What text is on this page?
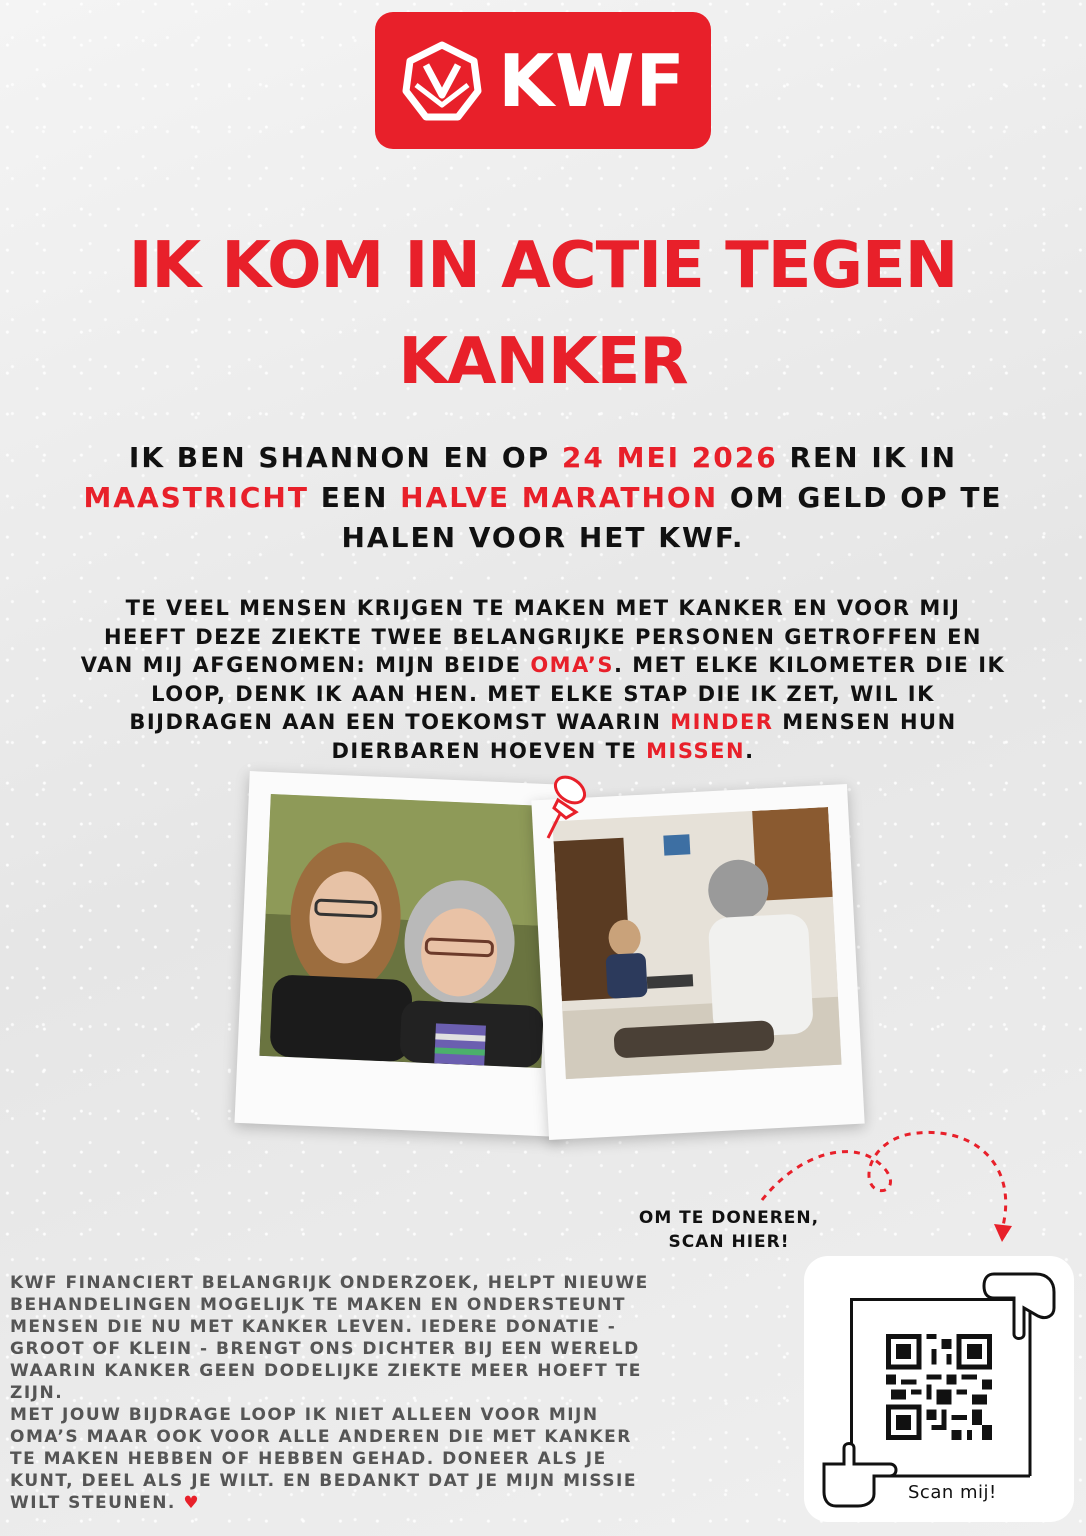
KWF
IK KOM IN ACTIE TEGEN
KANKER
IK BEN SHANNON EN OP 24 MEI 2026 REN IK IN MAASTRICHT EEN HALVE MARATHON OM GELD OP TE HALEN VOOR HET KWF.
TE VEEL MENSEN KRIJGEN TE MAKEN MET KANKER EN VOOR MIJ HEEFT DEZE ZIEKTE TWEE BELANGRIJKE PERSONEN GETROFFEN EN VAN MIJ AFGENOMEN: MIJN BEIDE OMA’S. MET ELKE KILOMETER DIE IK LOOP, DENK IK AAN HEN. MET ELKE STAP DIE IK ZET, WIL IK BIJDRAGEN AAN EEN TOEKOMST WAARIN MINDER MENSEN HUN DIERBAREN HOEVEN TE MISSEN.
OM TE DONEREN,
SCAN HIER!
KWF FINANCIERT BELANGRIJK ONDERZOEK, HELPT NIEUWE BEHANDELINGEN MOGELIJK TE MAKEN EN ONDERSTEUNT MENSEN DIE NU MET KANKER LEVEN. IEDERE DONATIE - GROOT OF KLEIN - BRENGT ONS DICHTER BIJ EEN WERELD WAARIN KANKER GEEN DODELIJKE ZIEKTE MEER HOEFT TE ZIJN.
MET JOUW BIJDRAGE LOOP IK NIET ALLEEN VOOR MIJN OMA’S MAAR OOK VOOR ALLE ANDEREN DIE MET KANKER TE MAKEN HEBBEN OF HEBBEN GEHAD. DONEER ALS JE KUNT, DEEL ALS JE WILT. EN BEDANKT DAT JE MIJN MISSIE WILT STEUNEN. ♥	Scan mij!
